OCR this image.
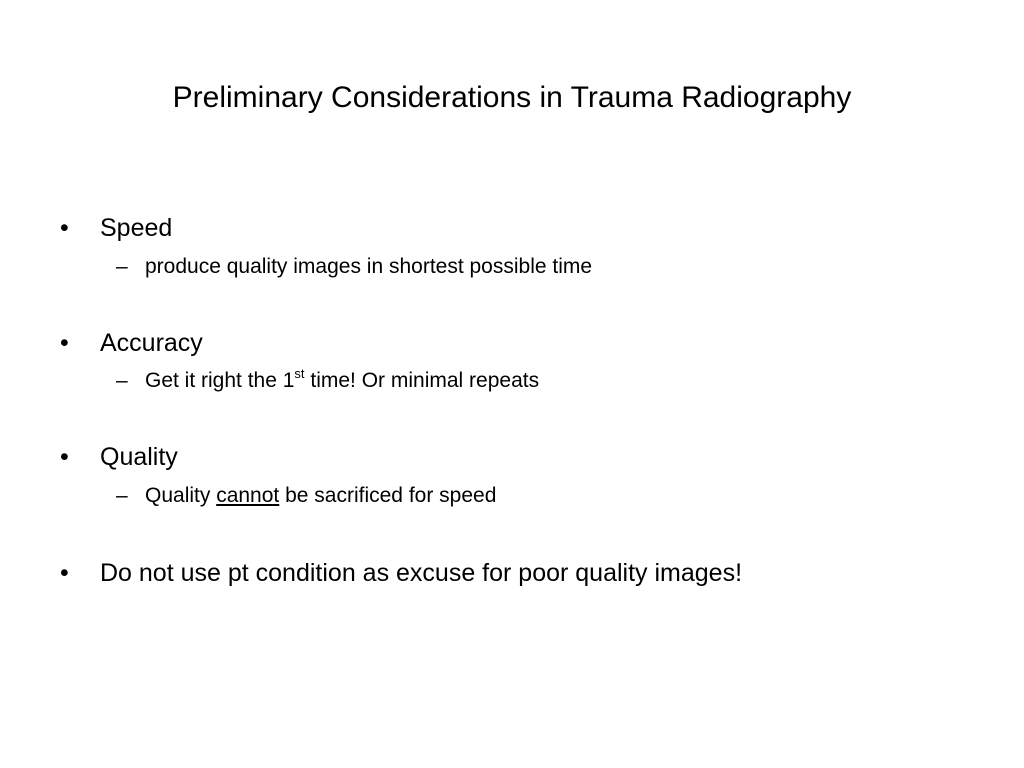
Preliminary Considerations in Trauma Radiography
• Speed
– produce quality images in shortest possible time
• Accuracy
– Get it right the 1st time! Or minimal repeats
• Quality
– Quality cannot be sacrificed for speed
• Do not use pt condition as excuse for poor quality images!
